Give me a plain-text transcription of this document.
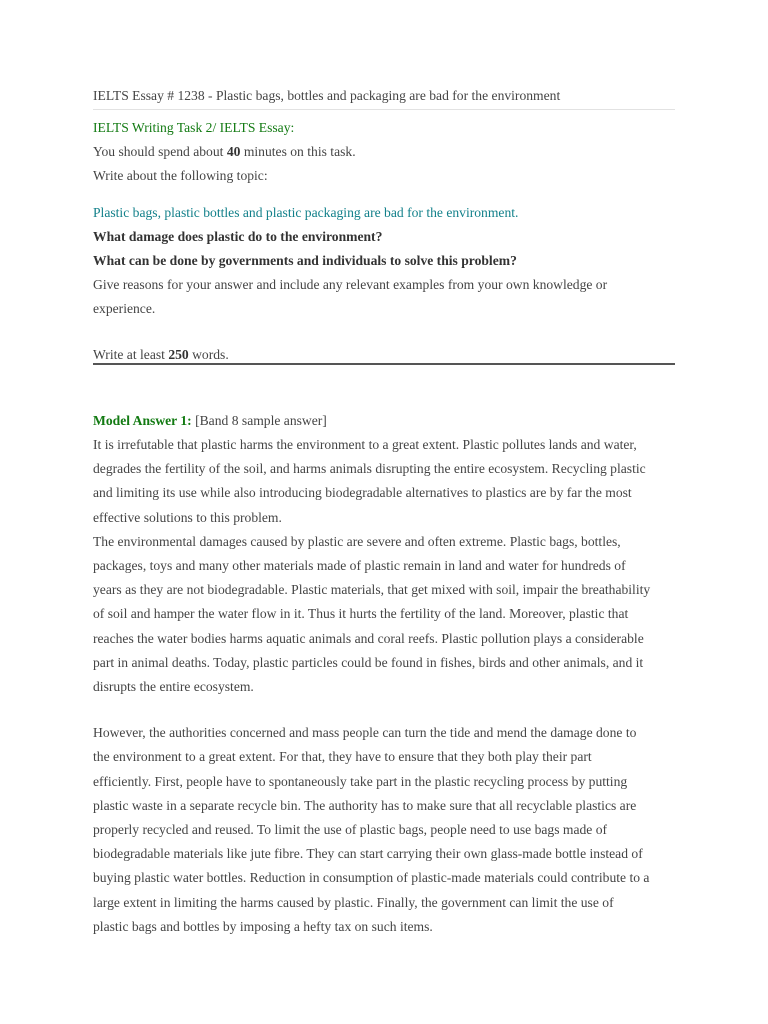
IELTS Essay # 1238 - Plastic bags, bottles and packaging are bad for the environment
IELTS Writing Task 2/ IELTS Essay:
You should spend about 40 minutes on this task.
Write about the following topic:
Plastic bags, plastic bottles and plastic packaging are bad for the environment.
What damage does plastic do to the environment?
What can be done by governments and individuals to solve this problem?
Give reasons for your answer and include any relevant examples from your own knowledge or
experience.
Write at least 250 words.
Model Answer 1: [Band 8 sample answer]
It is irrefutable that plastic harms the environment to a great extent. Plastic pollutes lands and water,
degrades the fertility of the soil, and harms animals disrupting the entire ecosystem. Recycling plastic
and limiting its use while also introducing biodegradable alternatives to plastics are by far the most
effective solutions to this problem.
The environmental damages caused by plastic are severe and often extreme. Plastic bags, bottles,
packages, toys and many other materials made of plastic remain in land and water for hundreds of
years as they are not biodegradable. Plastic materials, that get mixed with soil, impair the breathability
of soil and hamper the water flow in it. Thus it hurts the fertility of the land. Moreover, plastic that
reaches the water bodies harms aquatic animals and coral reefs. Plastic pollution plays a considerable
part in animal deaths. Today, plastic particles could be found in fishes, birds and other animals, and it
disrupts the entire ecosystem.
However, the authorities concerned and mass people can turn the tide and mend the damage done to
the environment to a great extent. For that, they have to ensure that they both play their part
efficiently. First, people have to spontaneously take part in the plastic recycling process by putting
plastic waste in a separate recycle bin. The authority has to make sure that all recyclable plastics are
properly recycled and reused. To limit the use of plastic bags, people need to use bags made of
biodegradable materials like jute fibre. They can start carrying their own glass-made bottle instead of
buying plastic water bottles. Reduction in consumption of plastic-made materials could contribute to a
large extent in limiting the harms caused by plastic. Finally, the government can limit the use of
plastic bags and bottles by imposing a hefty tax on such items.
